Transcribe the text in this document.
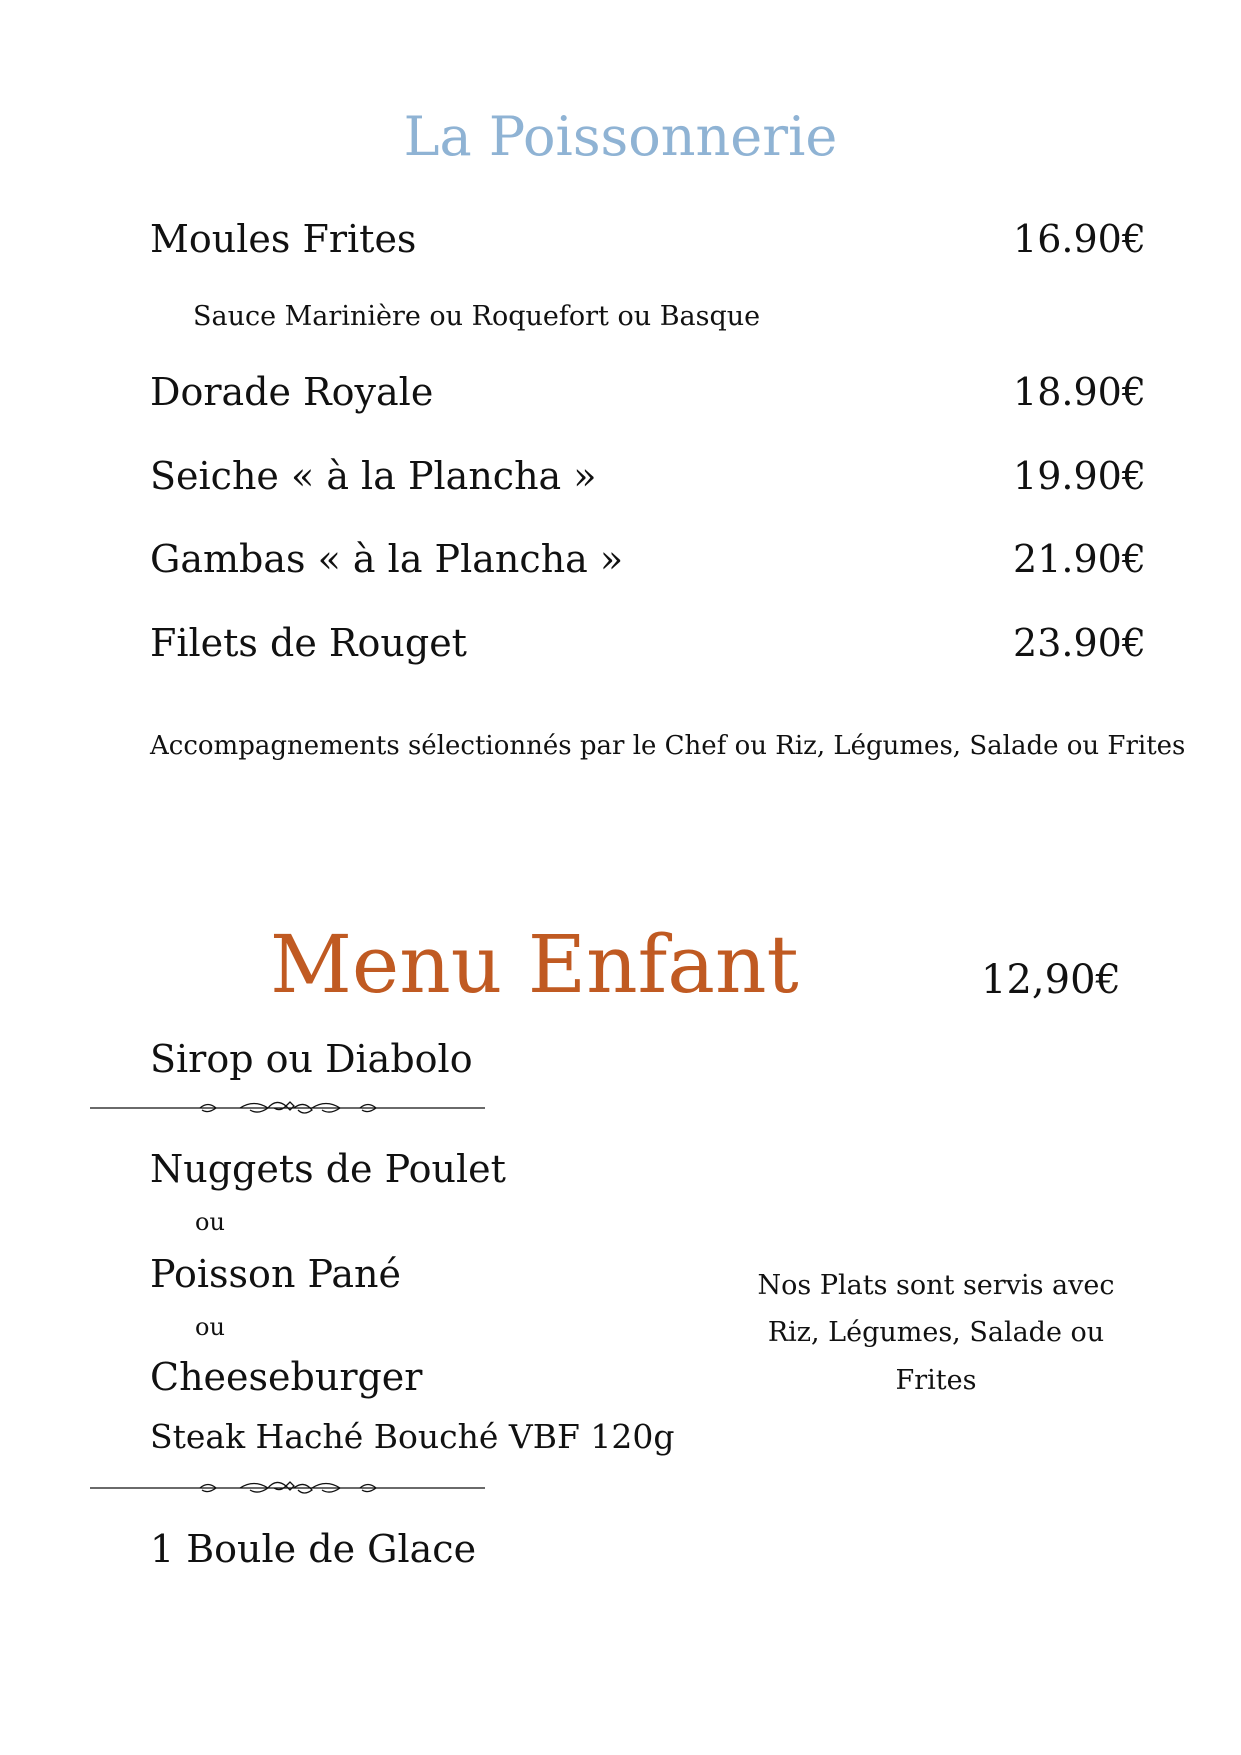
La Poissonnerie
Moules Frites	16.90€
Sauce Marinière ou Roquefort ou Basque
Dorade Royale	18.90€
Seiche « à la Plancha »	19.90€
Gambas « à la Plancha »	21.90€
Filets de Rouget	23.90€
Accompagnements sélectionnés par le Chef ou Riz, Légumes, Salade ou Frites
Menu Enfant	12,90€
Sirop ou Diabolo
Nuggets de Poulet
ou
Poisson Pané
ou
Cheeseburger
Steak Haché Bouché VBF 120g
Nos Plats sont servis avec
Riz, Légumes, Salade ou Frites
1 Boule de Glace
